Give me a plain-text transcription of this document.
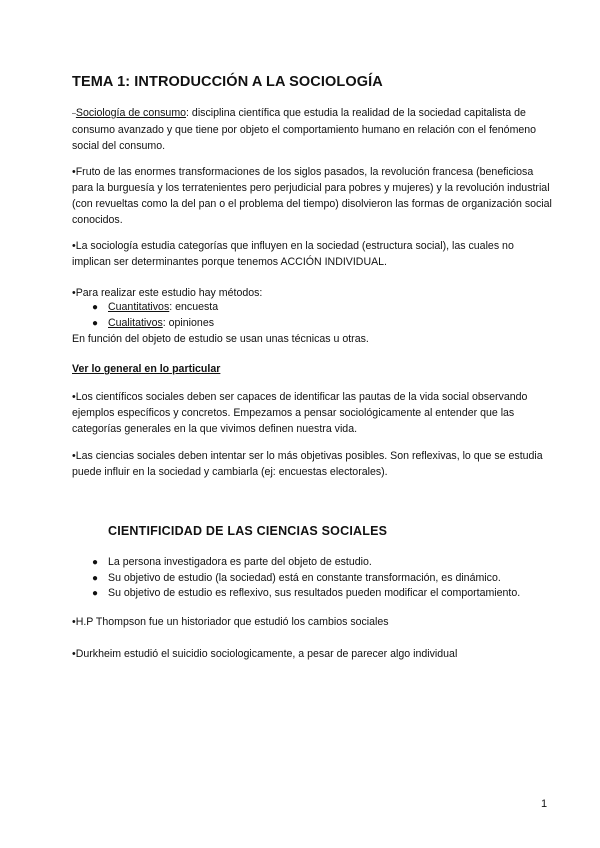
TEMA 1: INTRODUCCIÓN A LA SOCIOLOGÍA

–Sociología de consumo: disciplina científica que estudia la realidad de la sociedad capitalista de consumo avanzado y que tiene por objeto el comportamiento humano en relación con el fenómeno social del consumo.

•Fruto de las enormes transformaciones de los siglos pasados, la revolución francesa (beneficiosa para la burguesía y los terratenientes pero perjudicial para pobres y mujeres) y la revolución industrial (con revueltas como la del pan o el problema del tiempo) disolvieron las formas de organización social conocidos.

•La sociología estudia categorías que influyen en la sociedad (estructura social), las cuales no implican ser determinantes porque tenemos ACCIÓN INDIVIDUAL.

•Para realizar este estudio hay métodos:

● Cuantitativos: encuesta
● Cualitativos: opiniones

En función del objeto de estudio se usan unas técnicas u otras.

Ver lo general en lo particular

•Los científicos sociales deben ser capaces de identificar las pautas de la vida social observando ejemplos específicos y concretos. Empezamos a pensar sociológicamente al entender que las categorías generales en la que vivimos definen nuestra vida.

•Las ciencias sociales deben intentar ser lo más objetivas posibles. Son reflexivas, lo que se estudia puede influir en la sociedad y cambiarla (ej: encuestas electorales).

CIENTIFICIDAD DE LAS CIENCIAS SOCIALES
● La persona investigadora es parte del objeto de estudio.
● Su objetivo de estudio (la sociedad) está en constante transformación, es dinámico.
● Su objetivo de estudio es reflexivo, sus resultados pueden modificar el comportamiento.

•H.P Thompson fue un historiador que estudió los cambios sociales

•Durkheim estudió el suicidio sociologicamente, a pesar de parecer algo individual

1
